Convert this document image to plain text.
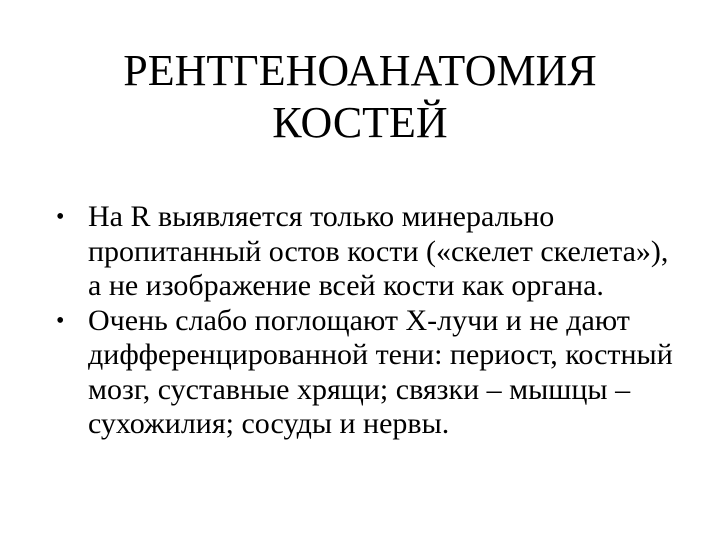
РЕНТГЕНОАНАТОМИЯ
КОСТЕЙ
• На R выявляется только минерально пропитанный остов кости («скелет скелета»), а не изображение всей кости как органа.
• Очень слабо поглощают Х-лучи и не дают дифференцированной тени: периост, костный мозг, суставные хрящи; связки – мышцы – сухожилия; сосуды и нервы.
